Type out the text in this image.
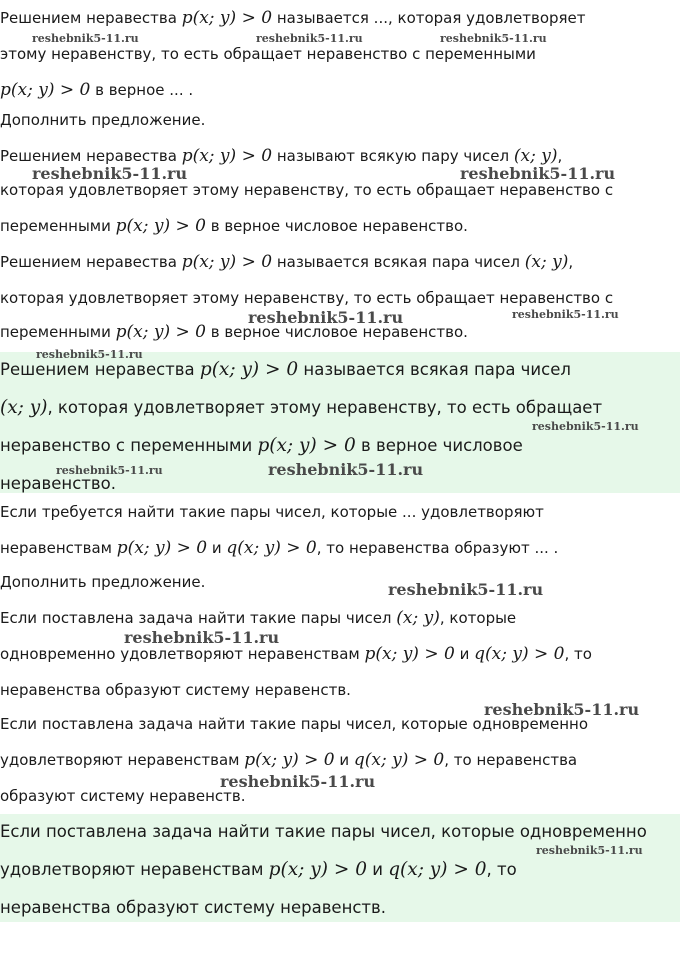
Решением неравества p(x; y) > 0 называется ..., которая удовлетворяет
этому неравенству, то есть обращает неравенство с переменными
p(x; y) > 0 в верное ... .
Дополнить предложение.
Решением неравества p(x; y) > 0 называют всякую пару чисел (x; y),
которая удовлетворяет этому неравенству, то есть обращает неравенство с
переменными p(x; y) > 0 в верное числовое неравенство.
Решением неравества p(x; y) > 0 называется всякая пара чисел (x; y),
которая удовлетворяет этому неравенству, то есть обращает неравенство с
переменными p(x; y) > 0 в верное числовое неравенство.
Решением неравества p(x; y) > 0 называется всякая пара чисел
(x; y), которая удовлетворяет этому неравенству, то есть обращает
неравенство с переменными p(x; y) > 0 в верное числовое
неравенство.
Если требуется найти такие пары чисел, которые ... удовлетворяют
неравенствам p(x; y) > 0 и q(x; y) > 0, то неравенства образуют ... .
Дополнить предложение.
Если поставлена задача найти такие пары чисел (x; y), которые
одновременно удовлетворяют неравенствам p(x; y) > 0 и q(x; y) > 0, то
неравенства образуют систему неравенств.
Если поставлена задача найти такие пары чисел, которые одновременно
удовлетворяют неравенствам p(x; y) > 0 и q(x; y) > 0, то неравенства
образуют систему неравенств.
Если поставлена задача найти такие пары чисел, которые одновременно
удовлетворяют неравенствам p(x; y) > 0 и q(x; y) > 0, то
неравенства образуют систему неравенств.
reshebnik5-11.ru	reshebnik5-11.ru	reshebnik5-11.ru
reshebnik5-11.ru	reshebnik5-11.ru
reshebnik5-11.ru	reshebnik5-11.ru
reshebnik5-11.ru
reshebnik5-11.ru
reshebnik5-11.ru	reshebnik5-11.ru
reshebnik5-11.ru
reshebnik5-11.ru
reshebnik5-11.ru
reshebnik5-11.ru
reshebnik5-11.ru
